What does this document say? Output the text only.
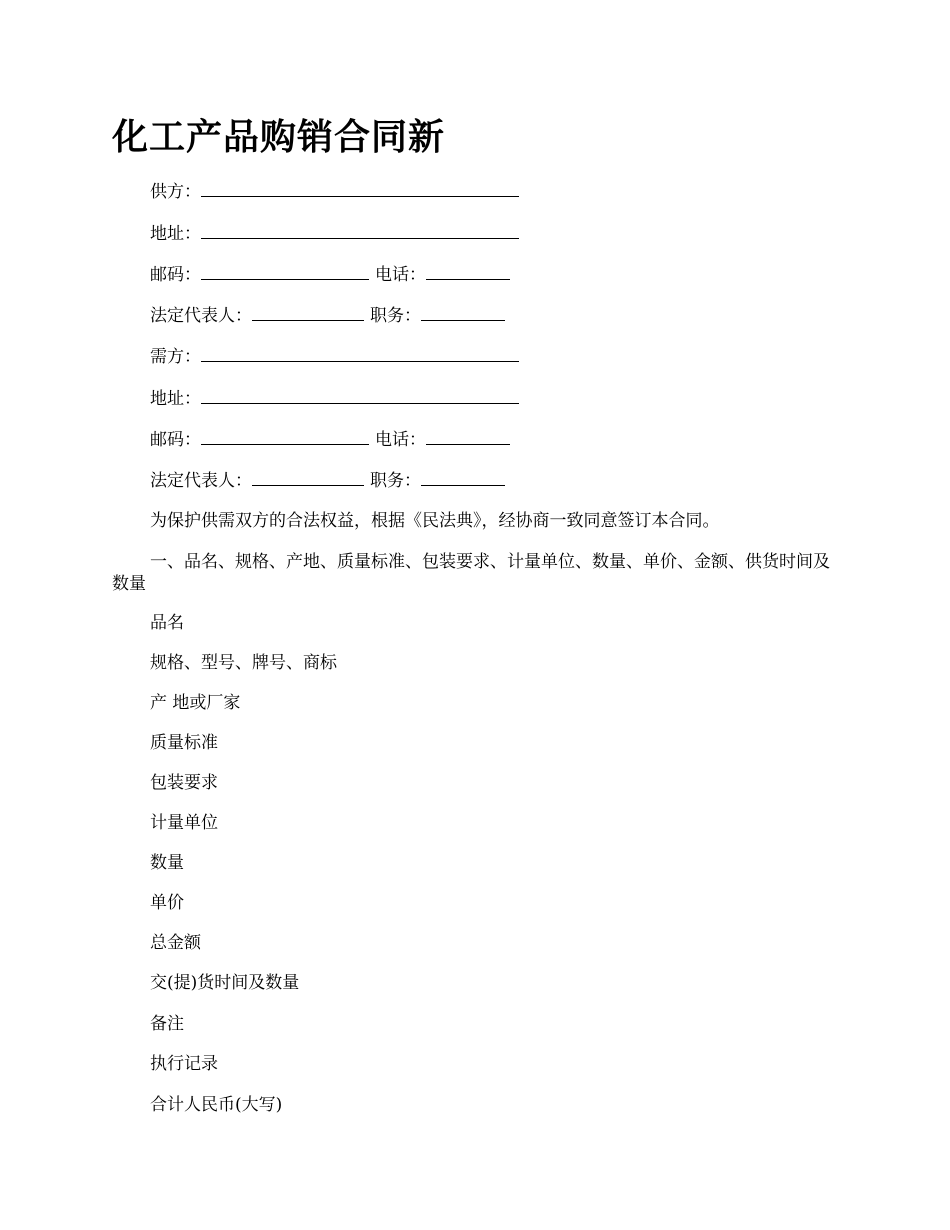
化工产品购销合同新
供方：
地址：
邮码：	电话：
法定代表人：	职务：
需方：
地址：
邮码：	电话：
法定代表人：	职务：

为保护供需双方的合法权益，根据《民法典》，经协商一致同意签订本合同。

一、品名、规格、产地、质量标准、包装要求、计量单位、数量、单价、金额、供货时间及数量

品名
规格、型号、牌号、商标
产 地或厂家
质量标准
包装要求
计量单位
数量
单价
总金额
交(提)货时间及数量
备注
执行记录
合计人民币(大写)
